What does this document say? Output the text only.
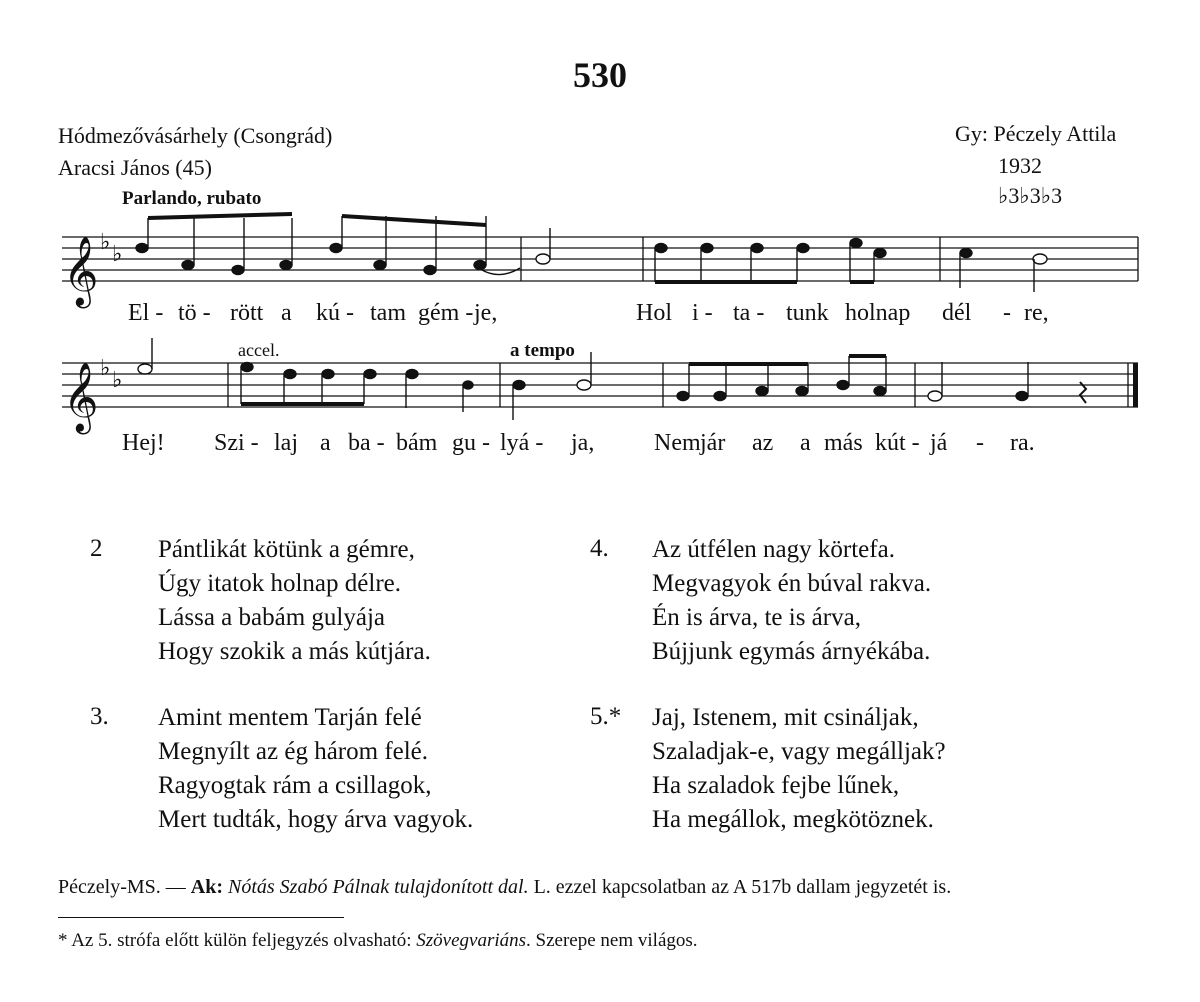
530
Hódmezővásárhely (Csongrád)
Aracsi János (45)
Gy: Péczely Attila
1932
♭3♭3♭3
Parlando, rubato
accel.	a tempo
𝄞
𝄞
♭ ♭
♭ ♭
El - tö - rött a kú - tam gém - je,	Hol i - ta - tunk holnap dél - re,
Hej! Szi - laj a ba - bám gu - lyá - ja, Nem jár az a más kút - já - ra.
2 Pántlikát kötünk a gémre,
Úgy itatok holnap délre.
Lássa a babám gulyája
Hogy szokik a más kútjára.
3. Amint mentem Tarján felé
Megnyílt az ég három felé.
Ragyogtak rám a csillagok,
Mert tudták, hogy árva vagyok.
4. Az útfélen nagy körtefa.
Megvagyok én búval rakva.
Én is árva, te is árva,
Bújjunk egymás árnyékába.
5.* Jaj, Istenem, mit csináljak,
Szaladjak-e, vagy megálljak?
Ha szaladok fejbe lűnek,
Ha megállok, megkötöznek.
Péczely-MS. — Ak: Nótás Szabó Pálnak tulajdonított dal. L. ezzel kapcsolatban az A 517b dallam jegyzetét is.
* Az 5. strófa előtt külön feljegyzés olvasható: Szövegvariáns. Szerepe nem világos.
